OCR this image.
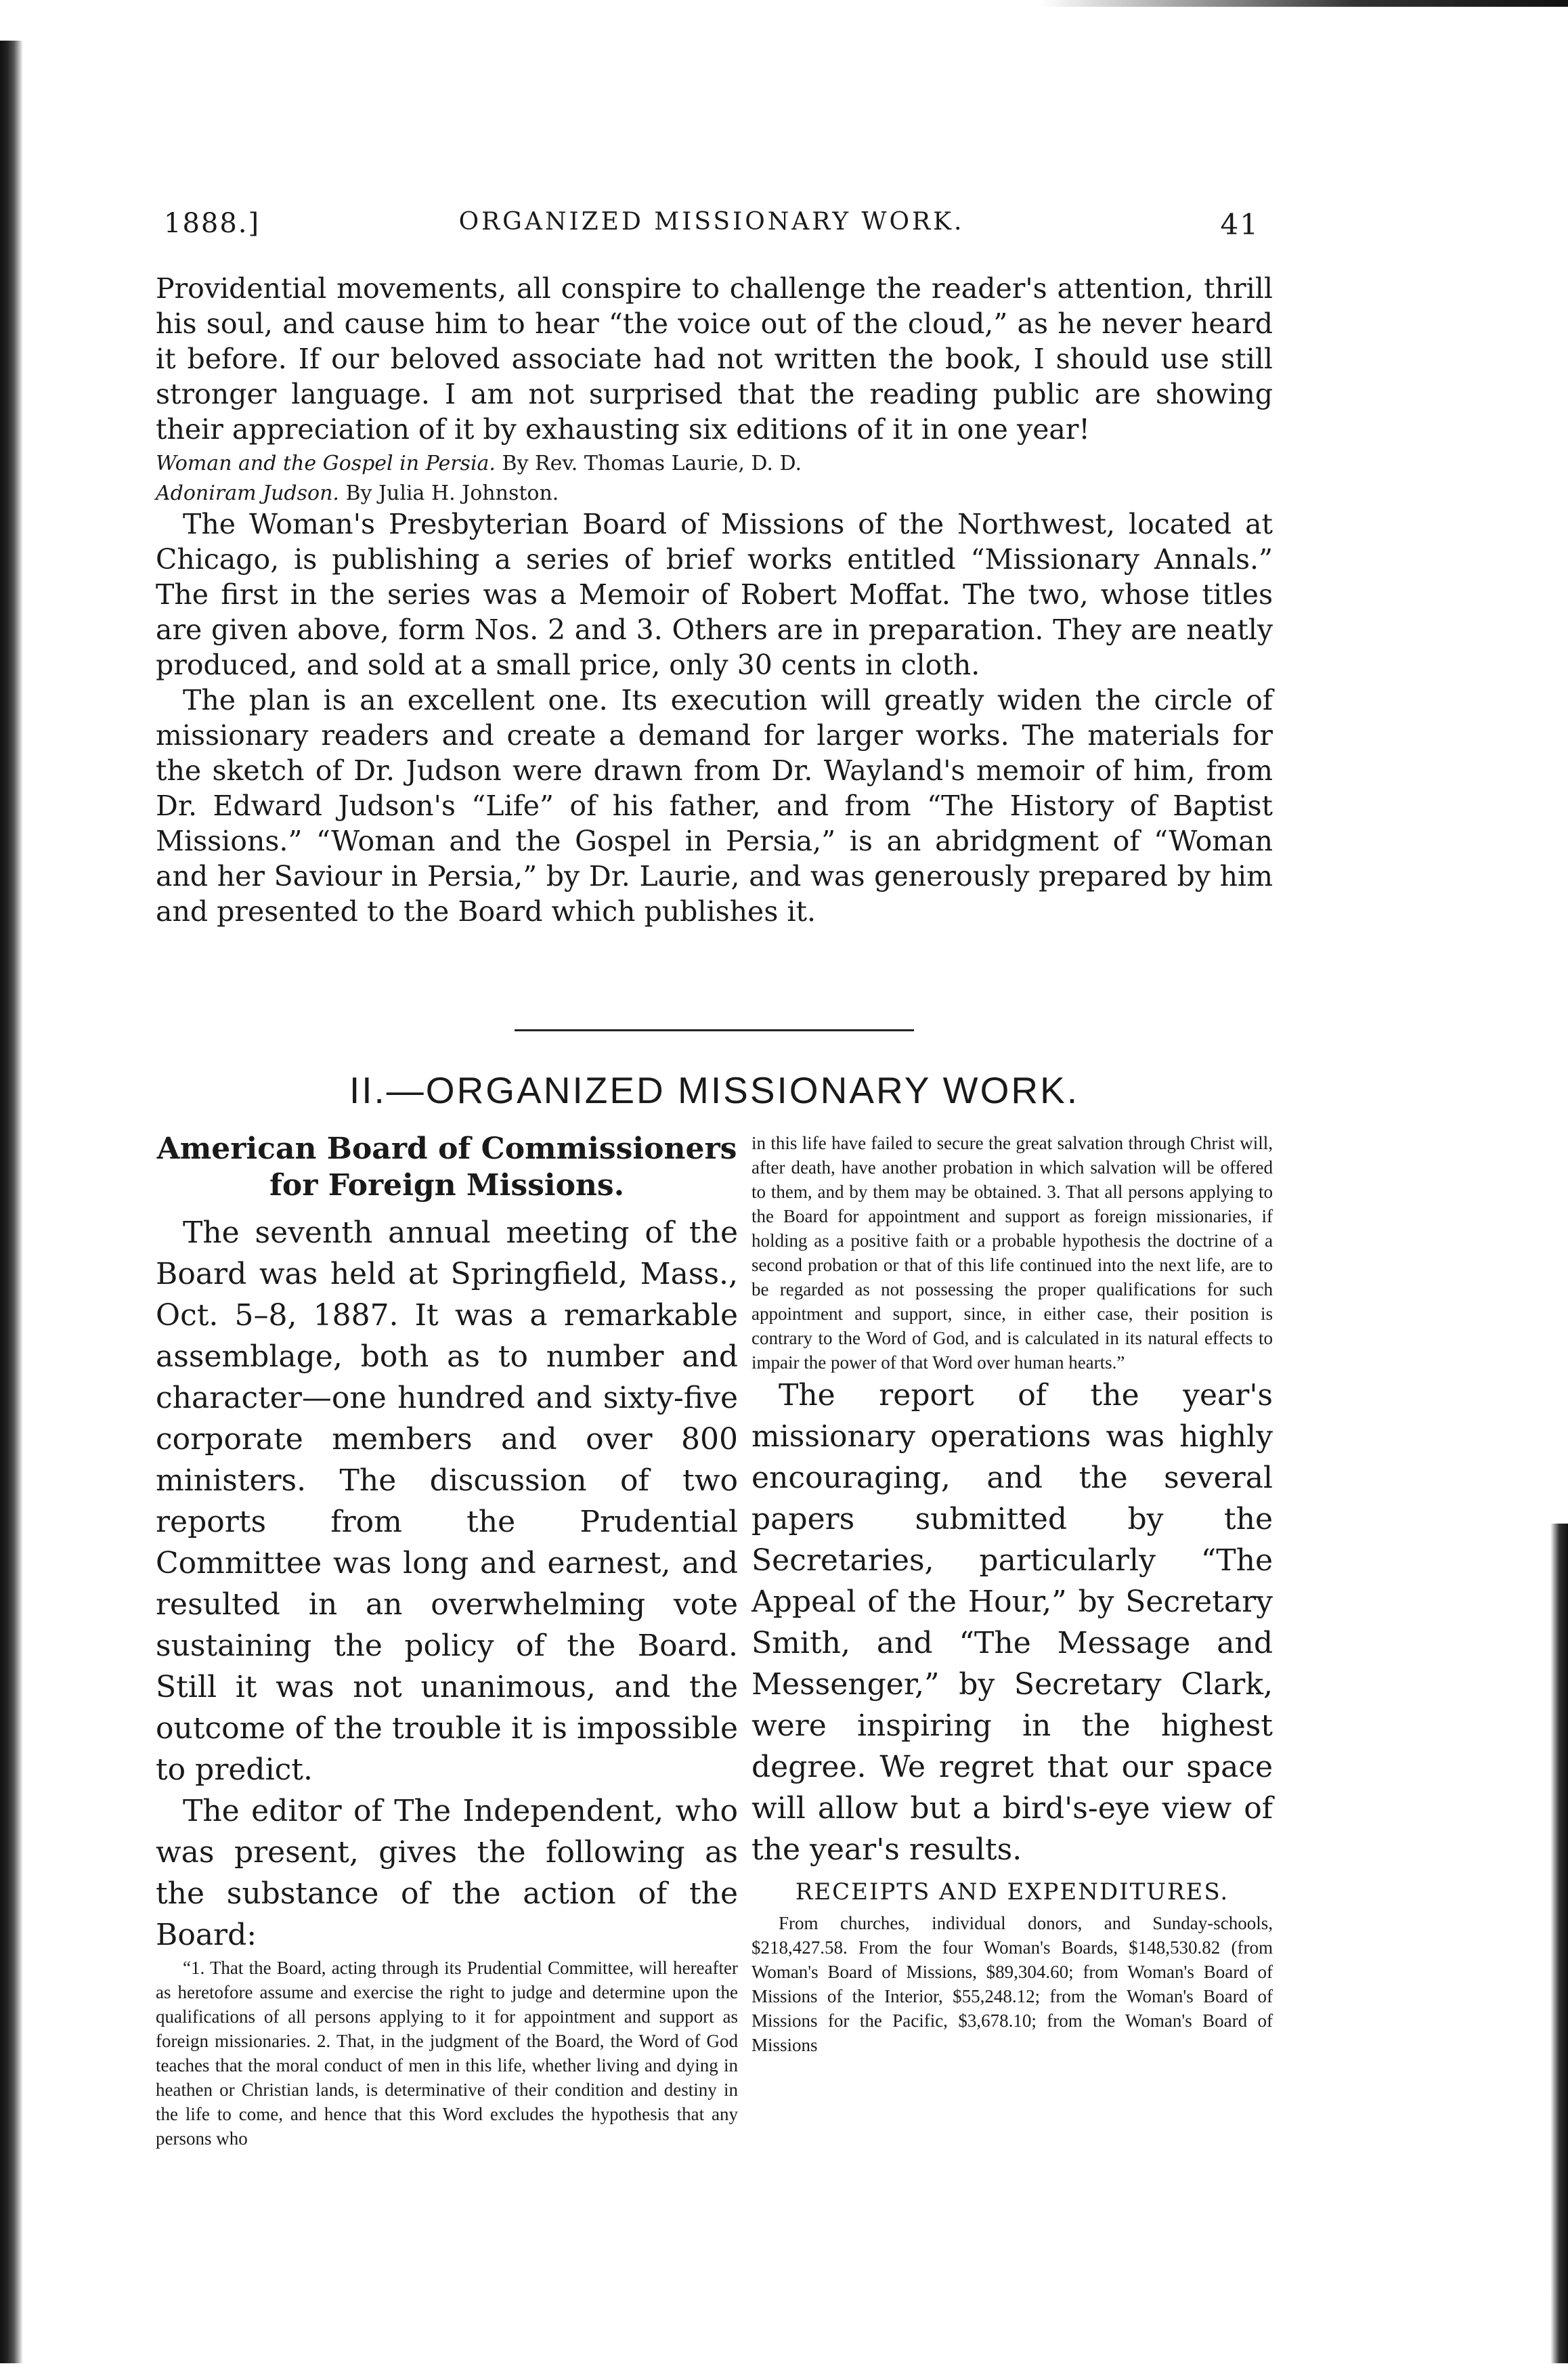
1888.]	ORGANIZED MISSIONARY WORK.	41

Providential movements, all conspire to challenge the reader's attention, thrill his soul, and cause him to hear “the voice out of the cloud,” as he never heard it before. If our beloved associate had not written the book, I should use still stronger language. I am not surprised that the reading public are showing their appreciation of it by exhausting six editions of it in one year!

Woman and the Gospel in Persia. By Rev. Thomas Laurie, D. D.

Adoniram Judson. By Julia H. Johnston.

The Woman's Presbyterian Board of Missions of the Northwest, located at Chicago, is publishing a series of brief works entitled “Missionary Annals.” The first in the series was a Memoir of Robert Moffat. The two, whose titles are given above, form Nos. 2 and 3. Others are in preparation. They are neatly produced, and sold at a small price, only 30 cents in cloth.

The plan is an excellent one. Its execution will greatly widen the circle of missionary readers and create a demand for larger works. The materials for the sketch of Dr. Judson were drawn from Dr. Wayland's memoir of him, from Dr. Edward Judson's “Life” of his father, and from “The History of Baptist Missions.” “Woman and the Gospel in Persia,” is an abridgment of “Woman and her Saviour in Persia,” by Dr. Laurie, and was generously prepared by him and presented to the Board which publishes it.

II.—ORGANIZED MISSIONARY WORK.

American Board of Commissioners for Foreign Missions.

The seventh annual meeting of the Board was held at Springfield, Mass., Oct. 5–8, 1887. It was a remarkable assemblage, both as to number and character—one hundred and sixty-five corporate members and over 800 ministers. The discussion of two reports from the Prudential Committee was long and earnest, and resulted in an overwhelming vote sustaining the policy of the Board. Still it was not unanimous, and the outcome of the trouble it is impossible to predict.

The editor of The Independent, who was present, gives the following as the substance of the action of the Board:

“1. That the Board, acting through its Prudential Committee, will hereafter as heretofore assume and exercise the right to judge and determine upon the qualifications of all persons applying to it for appointment and support as foreign missionaries. 2. That, in the judgment of the Board, the Word of God teaches that the moral conduct of men in this life, whether living and dying in heathen or Christian lands, is determinative of their condition and destiny in the life to come, and hence that this Word excludes the hypothesis that any persons who

in this life have failed to secure the great salvation through Christ will, after death, have another probation in which salvation will be offered to them, and by them may be obtained. 3. That all persons applying to the Board for appointment and support as foreign missionaries, if holding as a positive faith or a probable hypothesis the doctrine of a second probation or that of this life continued into the next life, are to be regarded as not possessing the proper qualifications for such appointment and support, since, in either case, their position is contrary to the Word of God, and is calculated in its natural effects to impair the power of that Word over human hearts.”

The report of the year's missionary operations was highly encouraging, and the several papers submitted by the Secretaries, particularly “The Appeal of the Hour,” by Secretary Smith, and “The Message and Messenger,” by Secretary Clark, were inspiring in the highest degree. We regret that our space will allow but a bird's-eye view of the year's results.

RECEIPTS AND EXPENDITURES.

From churches, individual donors, and Sunday-schools, $218,427.58. From the four Woman's Boards, $148,530.82 (from Woman's Board of Missions, $89,304.60; from Woman's Board of Missions of the Interior, $55,248.12; from the Woman's Board of Missions for the Pacific, $3,678.10; from the Woman's Board of Missions
